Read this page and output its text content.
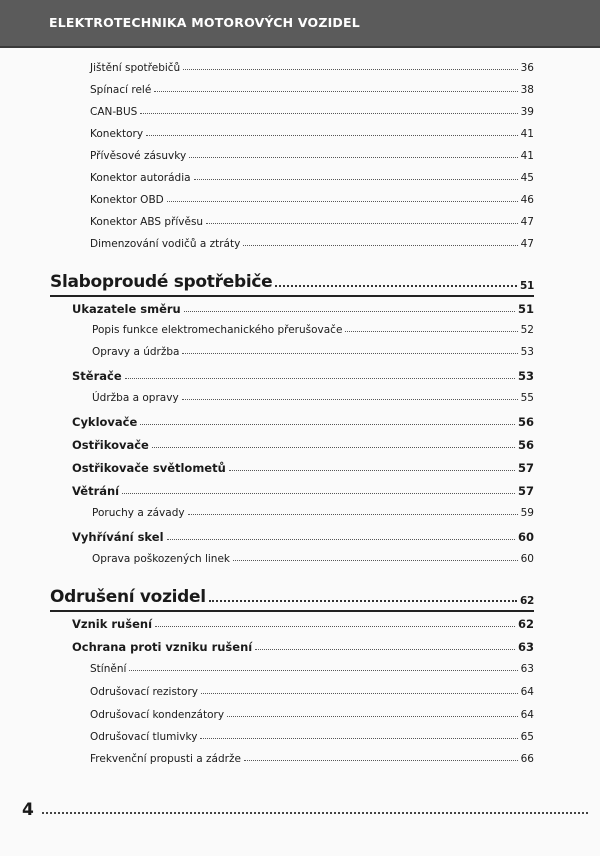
ELEKTROTECHNIKA MOTOROVÝCH VOZIDEL
Jištění spotřebičů	36
Spínací relé	38
CAN-BUS	39
Konektory	41
Přívěsové zásuvky	41
Konektor autorádia	45
Konektor OBD	46
Konektor ABS přívěsu	47
Dimenzování vodičů a ztráty	47
Slaboproudé spotřebiče	51
Ukazatele směru	51
Popis funkce elektromechanického přerušovače	52
Opravy a údržba	53
Stěrače	53
Údržba a opravy	55
Cyklovače	56
Ostřikovače	56
Ostřikovače světlometů	57
Větrání	57
Poruchy a závady	59
Vyhřívání skel	60
Oprava poškozených linek	60
Odrušení vozidel	62
Vznik rušení	62
Ochrana proti vzniku rušení	63
Stínění	63
Odrušovací rezistory	64
Odrušovací kondenzátory	64
Odrušovací tlumivky	65
Frekvenční propusti a zádrže	66
4
